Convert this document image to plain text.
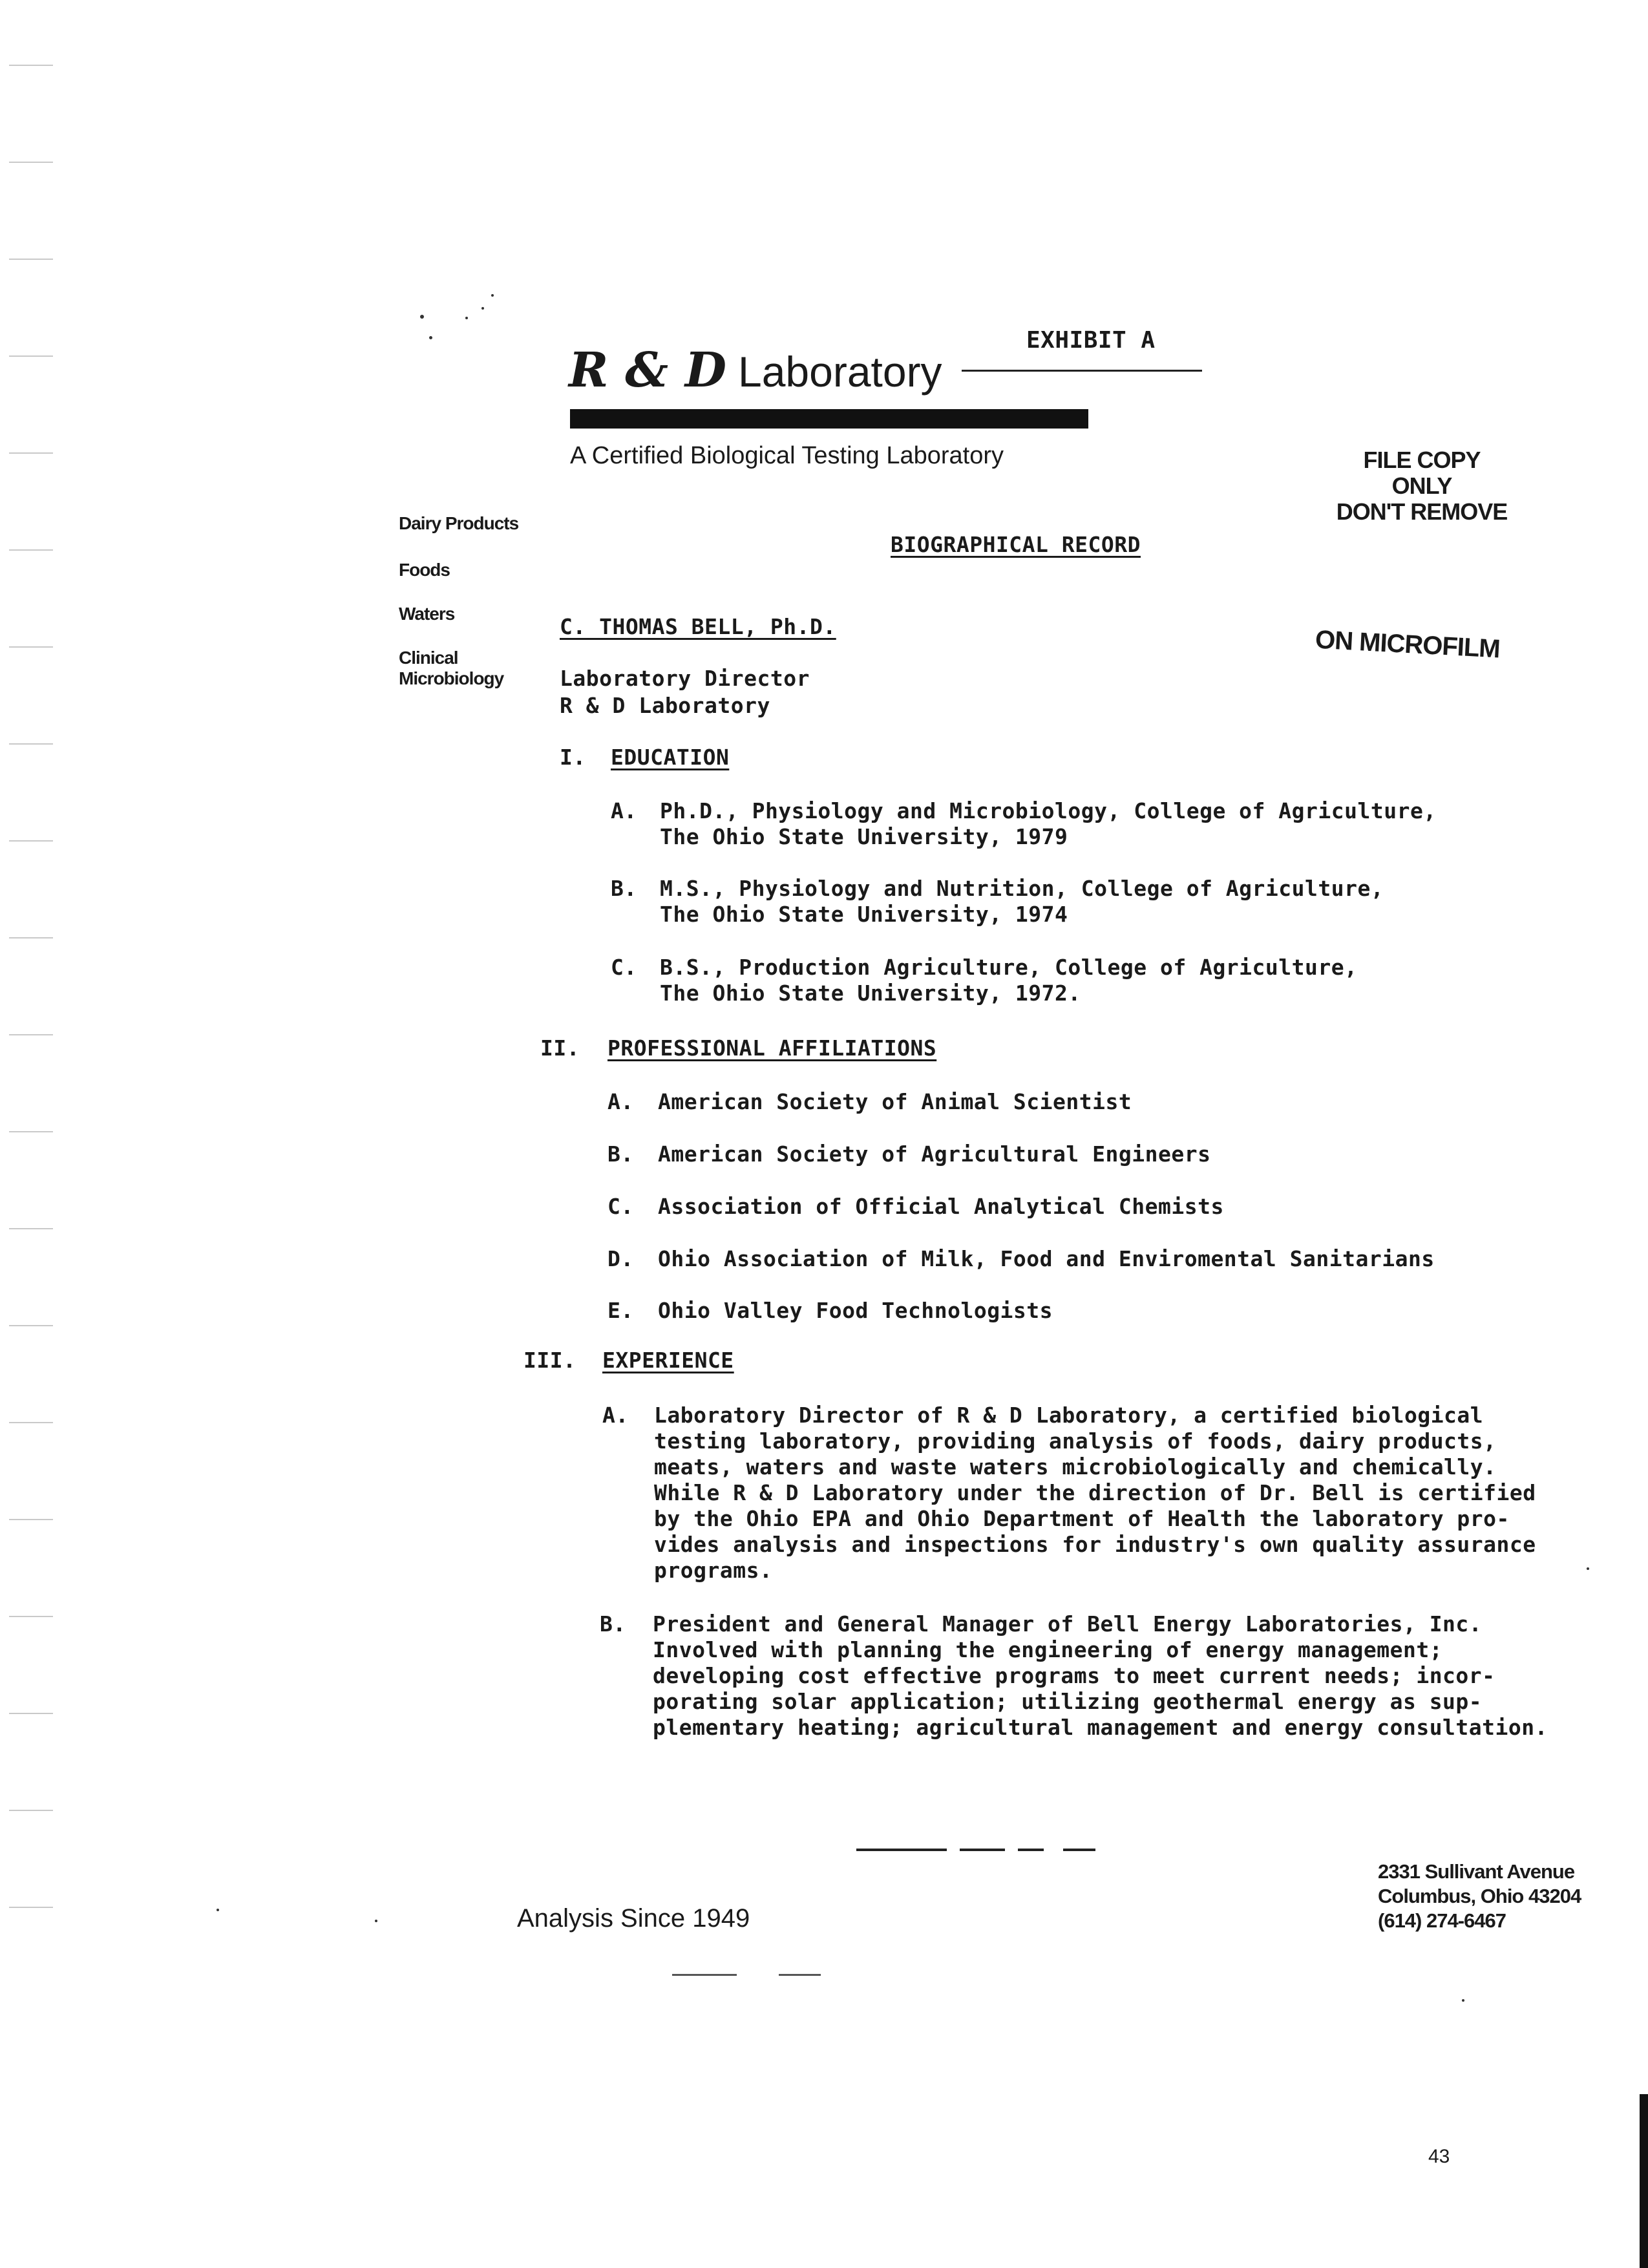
R & D Laboratory
EXHIBIT A
A Certified Biological Testing Laboratory
Dairy Products
Foods
Waters
Clinical
Microbiology
FILE COPY
ONLY
DON'T REMOVE
ON MICROFILM
BIOGRAPHICAL RECORD
C. THOMAS BELL, Ph.D.
Laboratory Director
R & D Laboratory
I. EDUCATION
A. Ph.D., Physiology and Microbiology, College of Agriculture,
The Ohio State University, 1979
B. M.S., Physiology and Nutrition, College of Agriculture,
The Ohio State University, 1974
C. B.S., Production Agriculture, College of Agriculture,
The Ohio State University, 1972.
II. PROFESSIONAL AFFILIATIONS
A. American Society of Animal Scientist
B. American Society of Agricultural Engineers
C. Association of Official Analytical Chemists
D. Ohio Association of Milk, Food and Enviromental Sanitarians
E. Ohio Valley Food Technologists
III. EXPERIENCE
A. Laboratory Director of R & D Laboratory, a certified biological
testing laboratory, providing analysis of foods, dairy products,
meats, waters and waste waters microbiologically and chemically.
While R & D Laboratory under the direction of Dr. Bell is certified
by the Ohio EPA and Ohio Department of Health the laboratory pro-
vides analysis and inspections for industry's own quality assurance
programs.
B. President and General Manager of Bell Energy Laboratories, Inc.
Involved with planning the engineering of energy management;
developing cost effective programs to meet current needs; incor-
porating solar application; utilizing geothermal energy as sup-
plementary heating; agricultural management and energy consultation.
Analysis Since 1949
2331 Sullivant Avenue
Columbus, Ohio 43204
(614) 274-6467
43
